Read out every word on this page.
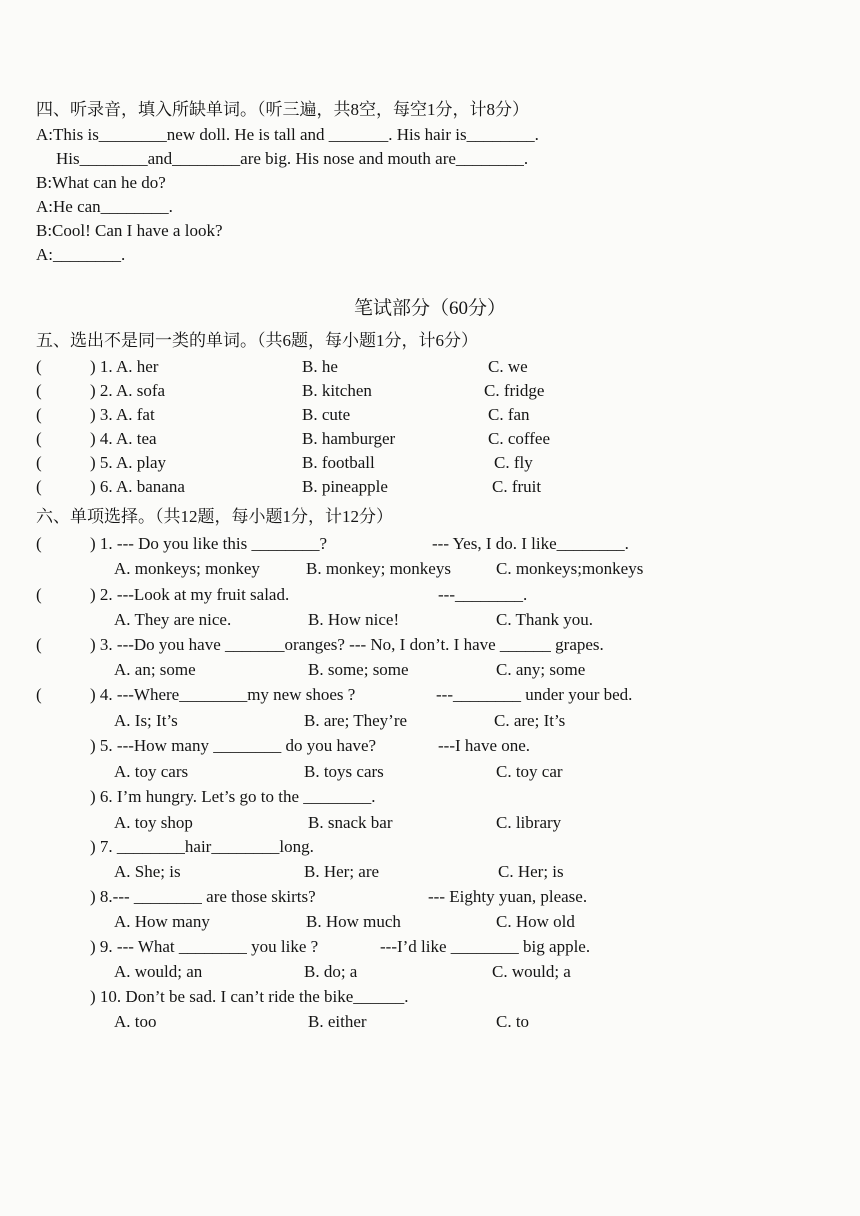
四、听录音，填入所缺单词。（听三遍，共8空，每空1分，计8分）
A:This is________new doll. He is tall and _______. His hair is________.
His________and________are big. His nose and mouth are________.
B:What can he do?
A:He can________.
B:Cool! Can I have a look?
A:________.
笔试部分（60分）
五、选出不是同一类的单词。（共6题，每小题1分，计6分）
(	) 1. A. her	B. he	C. we
(	) 2. A. sofa	B. kitchen	C. fridge
(	) 3. A. fat	B. cute	C. fan
(	) 4. A. tea	B. hamburger	C. coffee
(	) 5. A. play	B. football	C. fly
(	) 6. A. banana	B. pineapple	C. fruit
六、单项选择。（共12题，每小题1分，计12分）
(	) 1. --- Do you like this ________?	--- Yes, I do. I like________.
A. monkeys; monkey	B. monkey; monkeys	C. monkeys;monkeys
(	) 2. ---Look at my fruit salad.	---________.
A. They are nice.	B. How nice!	C. Thank you.
(	) 3. ---Do you have _______oranges? --- No, I don’t. I have ______ grapes.
A. an; some	B. some; some	C. any; some
(	) 4. ---Where________my new shoes ?	---________ under your bed.
A. Is; It’s	B. are; They’re	C. are; It’s
) 5. ---How many ________ do you have?	---I have one.
A. toy cars	B. toys cars	C. toy car
) 6. I’m hungry. Let’s go to the ________.
A. toy shop	B. snack bar	C. library
) 7. ________hair________long.
A. She; is	B. Her; are	C. Her; is
) 8.--- ________ are those skirts?	--- Eighty yuan, please.
A. How many	B. How much	C. How old
) 9. --- What ________ you like ?	---I’d like ________ big apple.
A. would; an	B. do; a	C. would; a
) 10. Don’t be sad. I can’t ride the bike______.
A. too	B. either	C. to
